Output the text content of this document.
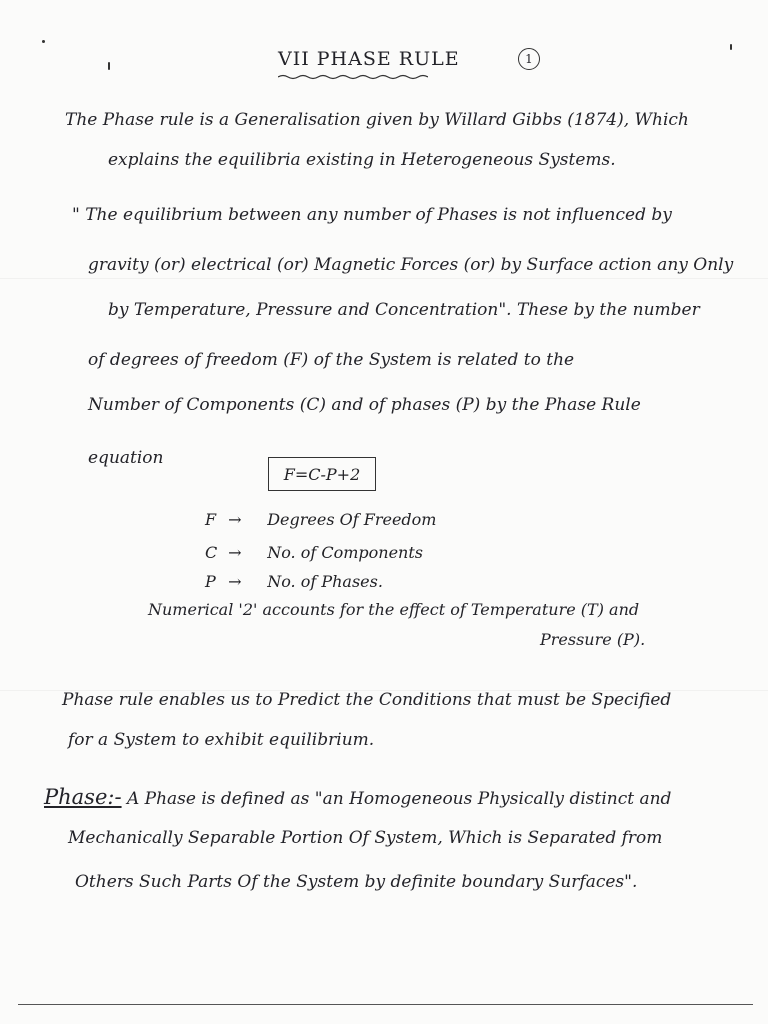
VII PHASE RULE	1
The Phase rule is a Generalisation given by Willard Gibbs (1874), Which
explains the equilibria existing in Heterogeneous Systems.
" The equilibrium between any number of Phases is not influenced by
gravity (or) electrical (or) Magnetic Forces (or) by Surface action any Only
by Temperature, Pressure and Concentration". These by the number
of degrees of freedom (F) of the System is related to the
Number of Components (C) and of phases (P) by the Phase Rule
equation
F=C-P+2
F → Degrees Of Freedom
C → No. of Components
P → No. of Phases.
Numerical '2' accounts for the effect of Temperature (T) and
Pressure (P).
Phase rule enables us to Predict the Conditions that must be Specified
for a System to exhibit equilibrium.
Phase:- A Phase is defined as "an Homogeneous Physically distinct and
Mechanically Separable Portion Of System, Which is Separated from
Others Such Parts Of the System by definite boundary Surfaces".
